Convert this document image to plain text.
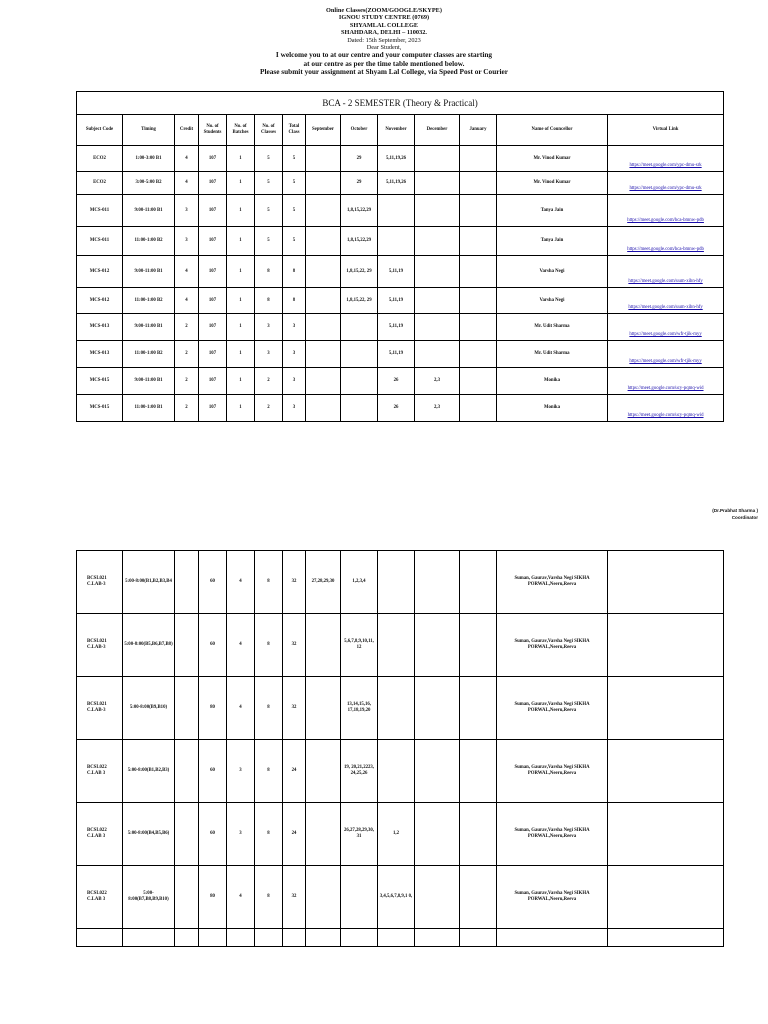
Online Classes(ZOOM/GOOGLE/SKYPE)
IGNOU STUDY CENTRE (0769)
SHYAMLAL COLLEGE
SHAHDARA, DELHI – 110032.
Dated: 15th September, 2023
Dear Student,
I welcome you to at our centre and your computer classes are starting
at our centre as per the time table mentioned below.
Please submit your assignment at Shyam Lal College, via Speed Post or Courier
BCA - 2 SEMESTER (Theory & Practical)													
Subject Code	Timing	Credit	No. of Students	No. of Batches	No. of Classes	Total Class	September	October	November	December	January	Name of Councellor	Virtual Link
ECO2	1:00-3:00 B1	4	107	1	5	5		29	5,11,19,26			Mr. Vinod Kumar	https://meet.google.com/ypc-dmu-srk
ECO2	3:00-5:00 B2	4	107	1	5	5		29	5,11,19,26			Mr. Vinod Kumar	https://meet.google.com/ypc-dmu-srk
MCS-011	9:00-11:00 B1	3	107	1	5	5		1,8,15,22,29				Tanya Jain	https://meet.google.com/hca-bmnw-pdb
MCS-011	11:00-1:00 B2	3	107	1	5	5		1,8,15,22,29				Tanya Jain	https://meet.google.com/hca-bmnw-pdb
MCS-012	9:00-11:00 B1	4	107	1	8	8		1,8,15,22, 29	5,11,19			Varsha Negi	https://meet.google.com/uum-xibn-hfy
MCS-012	11:00-1:00 B2	4	107	1	8	8		1,8,15,22, 29	5,11,19			Varsha Negi	https://meet.google.com/uum-xibn-hfy
MCS-013	9:00-11:00 B1	2	107	1	3	3			5,11,19			Mr. Udit Sharma	https://meet.google.com/wfr-tjik-myy
MCS-013	11:00-1:00 B2	2	107	1	3	3			5,11,19			Mr. Udit Sharma	https://meet.google.com/wfr-tjik-myy
MCS-015	9:00-11:00 B1	2	107	1	2	3			26	2,3		Monika	https://meet.google.com/ucy-pqmq-wid
MCS-015	11:00-1:00 B1	2	107	1	2	3			26	2,3		Monika	https://meet.google.com/ucy-pqmq-wid
(Dr.Prabhat Sharma )
Coordinator
BCSL021 C.LAB-3	5:00-8:00(B1,B2,B3,B4		60	4	8	32	27,28,29,30	1,2,3,4				Suman, Gaurav,Varsha Negi SIKHA PORWAL,Neeru,Reeva	
BCSL021 C.LAB-3	5:00-8:00(B5,B6,B7,B8)		60	4	8	32		5,6,7,8,9,10,11, 12				Suman, Gaurav,Varsha Negi SIKHA PORWAL,Neeru,Reeva	
BCSL021 C.LAB-3	5:00-8:00(B9,B10)		80	4	8	32		13,14,15,16, 17,18,19,20				Suman, Gaurav,Varsha Negi SIKHA PORWAL,Neeru,Reeva	
BCSL022 C.LAB 3	5:00-8:00(B1,B2,B3)		60	3	8	24		19, 20,21,2223, 24,25,26				Suman, Gaurav,Varsha Negi SIKHA PORWAL,Neeru,Reeva	
BCSL022 C.LAB 3	5:00-8:00(B4,B5,B6)		60	3	8	24		26,27,28,29,30, 31	1,2			Suman, Gaurav,Varsha Negi SIKHA PORWAL,Neeru,Reeva	
BCSL022 C.LAB 3	5:00-8:00(B7,B8,B9,B10)		80	4	8	32			3,4,5,6,7,8,9,1 0,			Suman, Gaurav,Varsha Negi SIKHA PORWAL,Neeru,Reeva	
